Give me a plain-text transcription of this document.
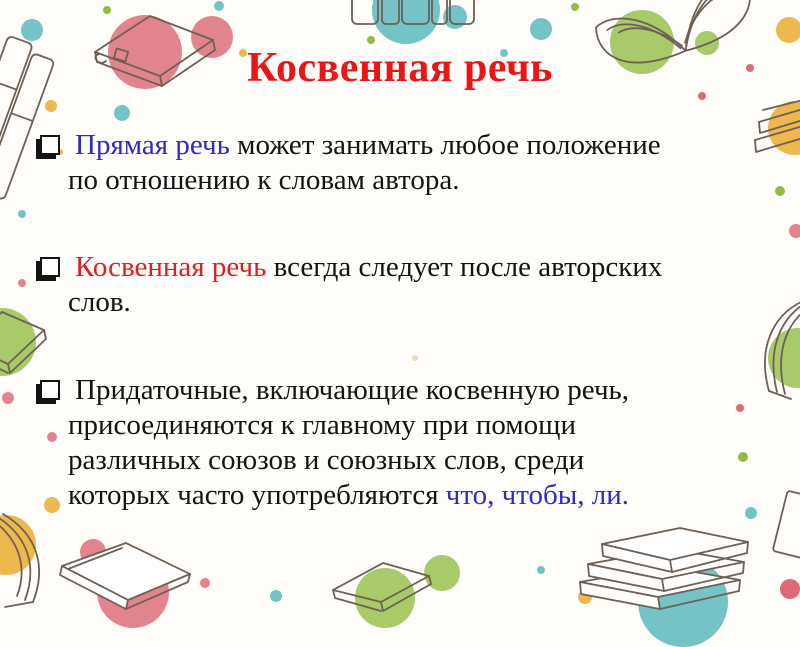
Косвенная речь
Прямая речь может занимать любое положение
по отношению к словам автора.
Косвенная речь всегда следует после авторских
слов.
Придаточные, включающие косвенную речь,
присоединяются к главному при помощи
различных союзов и союзных слов, среди
которых часто употребляются что, чтобы, ли.
